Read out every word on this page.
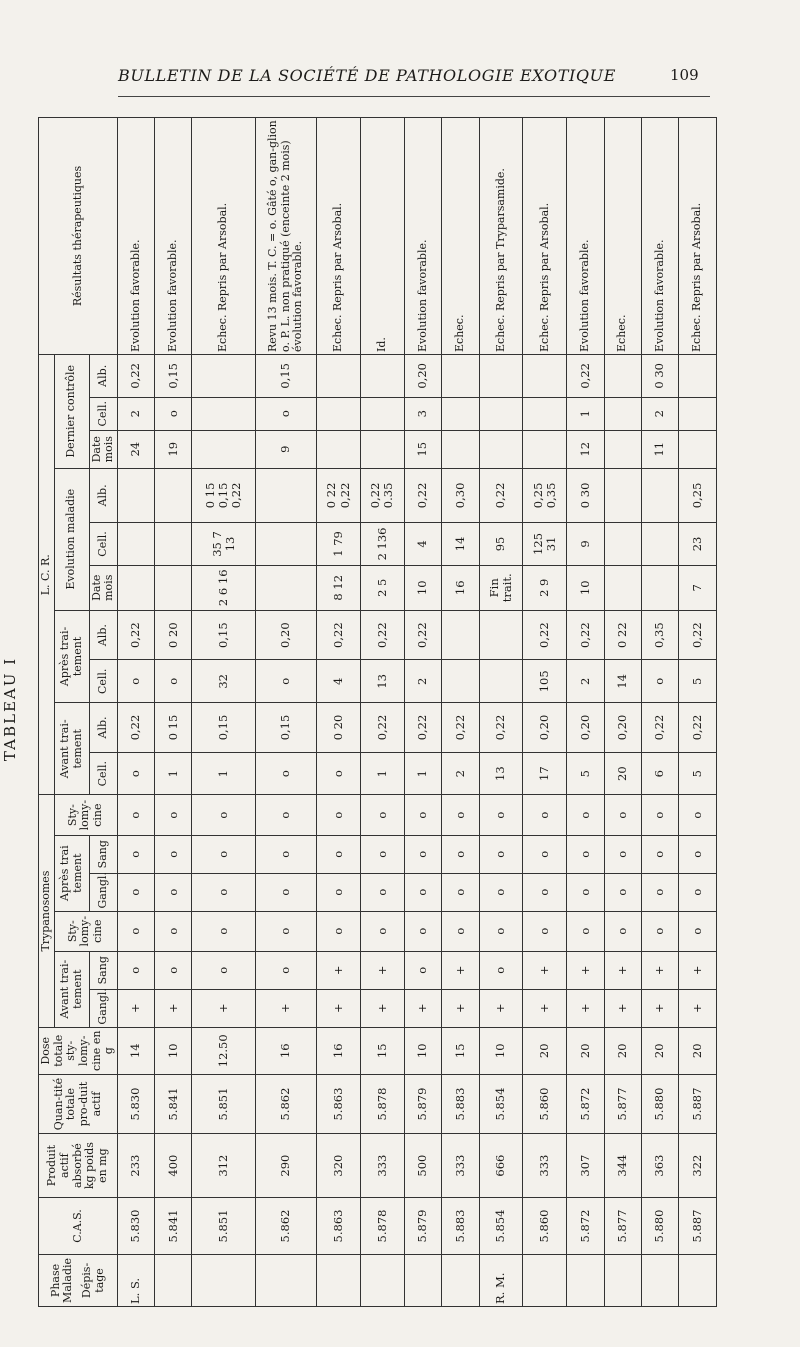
BULLETIN DE LA SOCIÉTÉ DE PATHOLOGIE EXOTIQUE	109
TABLEAU I
Phase Maladie Dépis-tage	C.A.S.	Produit actif absorbé kg poids en mg	Quan-tité totale pro-duit actif	Dose totale sty-lomy-cine en g	Trypanosomes						L. C. R.										Résultats thérapeutiques
					Avant trai-tement		Sty-lomy-cine	Après trai tement		Sty-lomy-cine	Avant trai-tement		Après trai-tement		Evolution maladie			Dernier contrôle			
					Gangl.	Sang		Gangl.	Sang		Cell.	Alb.	Cell.	Alb.	Date mois	Cell.	Alb.	Date mois	Cell.	Alb.	
L. S.	5.830	233	5.830	14	+	o	o	o	o	o	o	0,22	o	0,22				24	2	0,22	Evolution favorable.
	5.841	400	5.841	10	+	o	o	o	o	o	1	0 15	o	0 20				19	o	0,15	Evolution favorable.
	5.851	312	5.851	12.50	+	o	o	o	o	o	1	0,15	32	0,15	2 6 16	35 7 13	0 15 0,15 0,22				Echec. Repris par Arsobal.
	5.862	290	5.862	16	+	o	o	o	o	o	o	0,15	o	0,20				9	o	0,15	Revu 13 mois. T. C. = o. Gâté o, gan-glion o. P. L. non pratiqué (enceinte 2 mois) évolution favorable.
	5.863	320	5.863	16	+	+	o	o	o	o	o	0 20	4	0,22	8 12	1 79	0 22 0,22				Echec. Repris par Arsobal.
	5.878	333	5.878	15	+	+	o	o	o	o	1	0,22	13	0,22	2 5	2 136	0,22 0.35				Id.
	5.879	500	5.879	10	+	o	o	o	o	o	1	0,22	2	0,22	10	4	0,22	15	3	0,20	Evolution favorable.
	5.883	333	5.883	15	+	+	o	o	o	o	2	0,22			16	14	0,30				Echec.
R. M.	5.854	666	5.854	10	+	o	o	o	o	o	13	0,22			Fin trait.	95	0,22				Echec. Repris par Tryparsamide.
	5.860	333	5.860	20	+	+	o	o	o	o	17	0,20	105	0,22	2 9	125 31	0,25 0,35				Echec. Repris par Arsobal.
	5.872	307	5.872	20	+	+	o	o	o	o	5	0,20	2	0,22	10	9	0 30	12	1	0,22	Evolution favorable.
	5.877	344	5.877	20	+	+	o	o	o	o	20	0,20	14	0 22							Echec.
	5.880	363	5.880	20	+	+	o	o	o	o	6	0,22	o	0,35				11	2	0 30	Evolution favorable.
	5.887	322	5.887	20	+	+	o	o	o	o	5	0,22	5	0,22	7	23	0,25				Echec. Repris par Arsobal.
